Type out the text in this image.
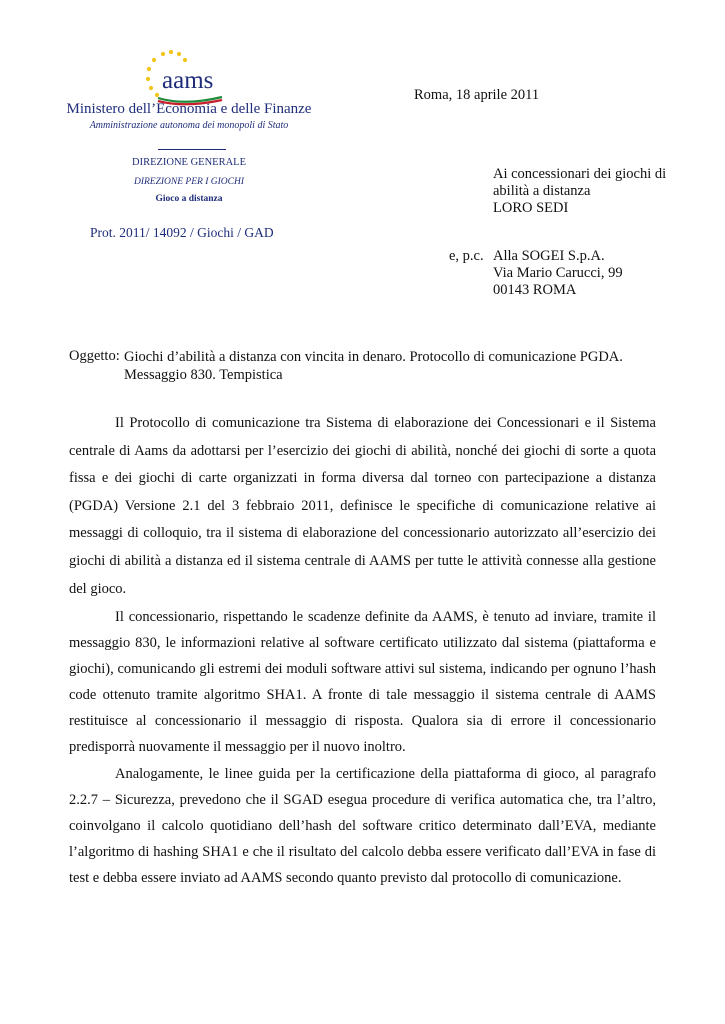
aams
Ministero dell’Economia e delle Finanze
Amministrazione autonoma dei monopoli di Stato
DIREZIONE GENERALE
DIREZIONE PER I GIOCHI
Gioco a distanza
Prot. 2011/ 14092 / Giochi / GAD
Roma, 18 aprile 2011
Ai concessionari dei giochi di
abilità a distanza
LORO SEDI
e, p.c. Alla SOGEI S.p.A.
Via Mario Carucci, 99
00143 ROMA
Oggetto: Giochi d’abilità a distanza con vincita in denaro. Protocollo di comunicazione PGDA. Messaggio 830. Tempistica

Il Protocollo di comunicazione tra Sistema di elaborazione dei Concessionari e il Sistema centrale di Aams da adottarsi per l’esercizio dei giochi di abilità, nonché dei giochi di sorte a quota fissa e dei giochi di carte organizzati in forma diversa dal torneo con partecipazione a distanza (PGDA) Versione 2.1 del 3 febbraio 2011, definisce le specifiche di comunicazione relative ai messaggi di colloquio, tra il sistema di elaborazione del concessionario autorizzato all’esercizio dei giochi di abilità a distanza ed il sistema centrale di AAMS per tutte le attività connesse alla gestione del gioco.

Il concessionario, rispettando le scadenze definite da AAMS, è tenuto ad inviare, tramite il messaggio 830, le informazioni relative al software certificato utilizzato dal sistema (piattaforma e giochi), comunicando gli estremi dei moduli software attivi sul sistema, indicando per ognuno l’hash code ottenuto tramite algoritmo SHA1. A fronte di tale messaggio il sistema centrale di AAMS restituisce al concessionario il messaggio di risposta. Qualora sia di errore il concessionario predisporrà nuovamente il messaggio per il nuovo inoltro.

Analogamente, le linee guida per la certificazione della piattaforma di gioco, al paragrafo 2.2.7 – Sicurezza, prevedono che il SGAD esegua procedure di verifica automatica che, tra l’altro, coinvolgano il calcolo quotidiano dell’hash del software critico determinato dall’EVA, mediante l’algoritmo di hashing SHA1 e che il risultato del calcolo debba essere verificato dall’EVA in fase di test e debba essere inviato ad AAMS secondo quanto previsto dal protocollo di comunicazione.
